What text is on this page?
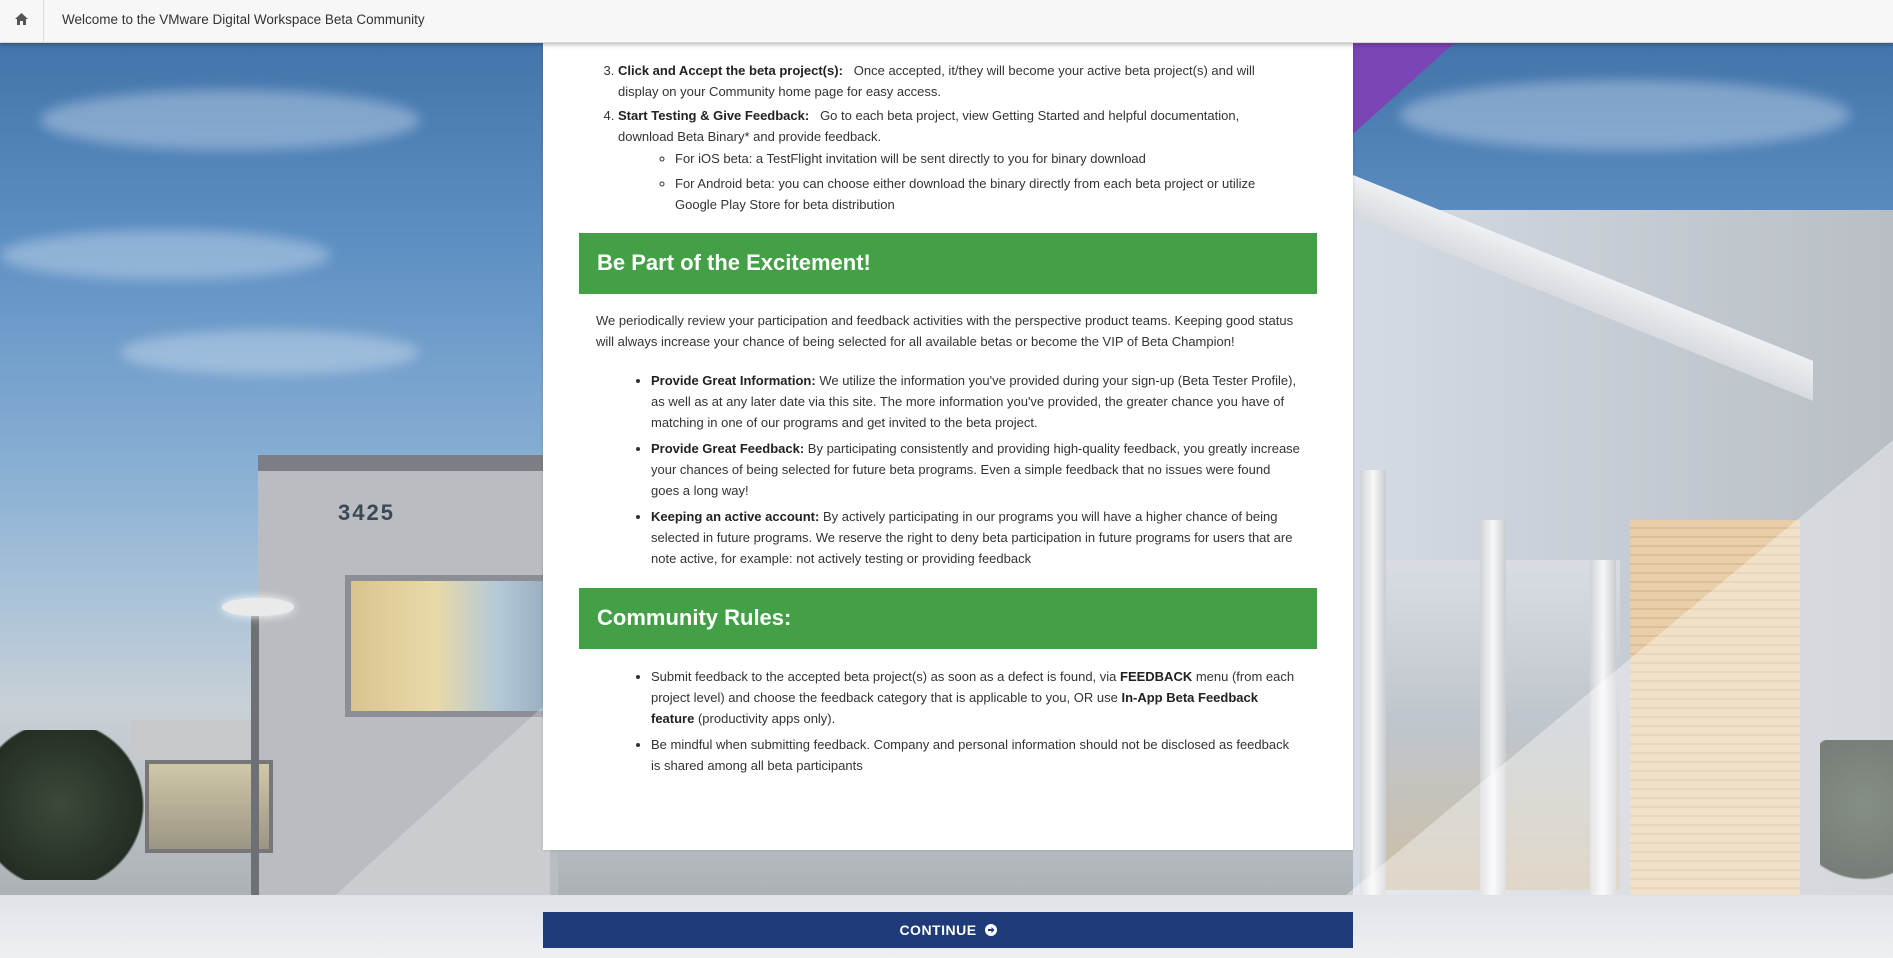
3425
Welcome to the VMware Digital Workspace Beta Community
3. Click and Accept the beta project(s): Once accepted, it/they will become your active beta project(s) and will display on your Community home page for easy access.
4. Start Testing & Give Feedback: Go to each beta project, view Getting Started and helpful documentation, download Beta Binary* and provide feedback.
◦ For iOS beta: a TestFlight invitation will be sent directly to you for binary download
◦ For Android beta: you can choose either download the binary directly from each beta project or utilize Google Play Store for beta distribution
Be Part of the Excitement!
We periodically review your participation and feedback activities with the perspective product teams. Keeping good status will always increase your chance of being selected for all available betas or become the VIP of Beta Champion!
• Provide Great Information: We utilize the information you've provided during your sign-up (Beta Tester Profile), as well as at any later date via this site. The more information you've provided, the greater chance you have of matching in one of our programs and get invited to the beta project.
• Provide Great Feedback: By participating consistently and providing high-quality feedback, you greatly increase your chances of being selected for future beta programs. Even a simple feedback that no issues were found goes a long way!
• Keeping an active account: By actively participating in our programs you will have a higher chance of being selected in future programs. We reserve the right to deny beta participation in future programs for users that are note active, for example: not actively testing or providing feedback
Community Rules:
• Submit feedback to the accepted beta project(s) as soon as a defect is found, via FEEDBACK menu (from each project level) and choose the feedback category that is applicable to you, OR use In-App Beta Feedback feature (productivity apps only).
• Be mindful when submitting feedback. Company and personal information should not be disclosed as feedback is shared among all beta participants
CONTINUE
